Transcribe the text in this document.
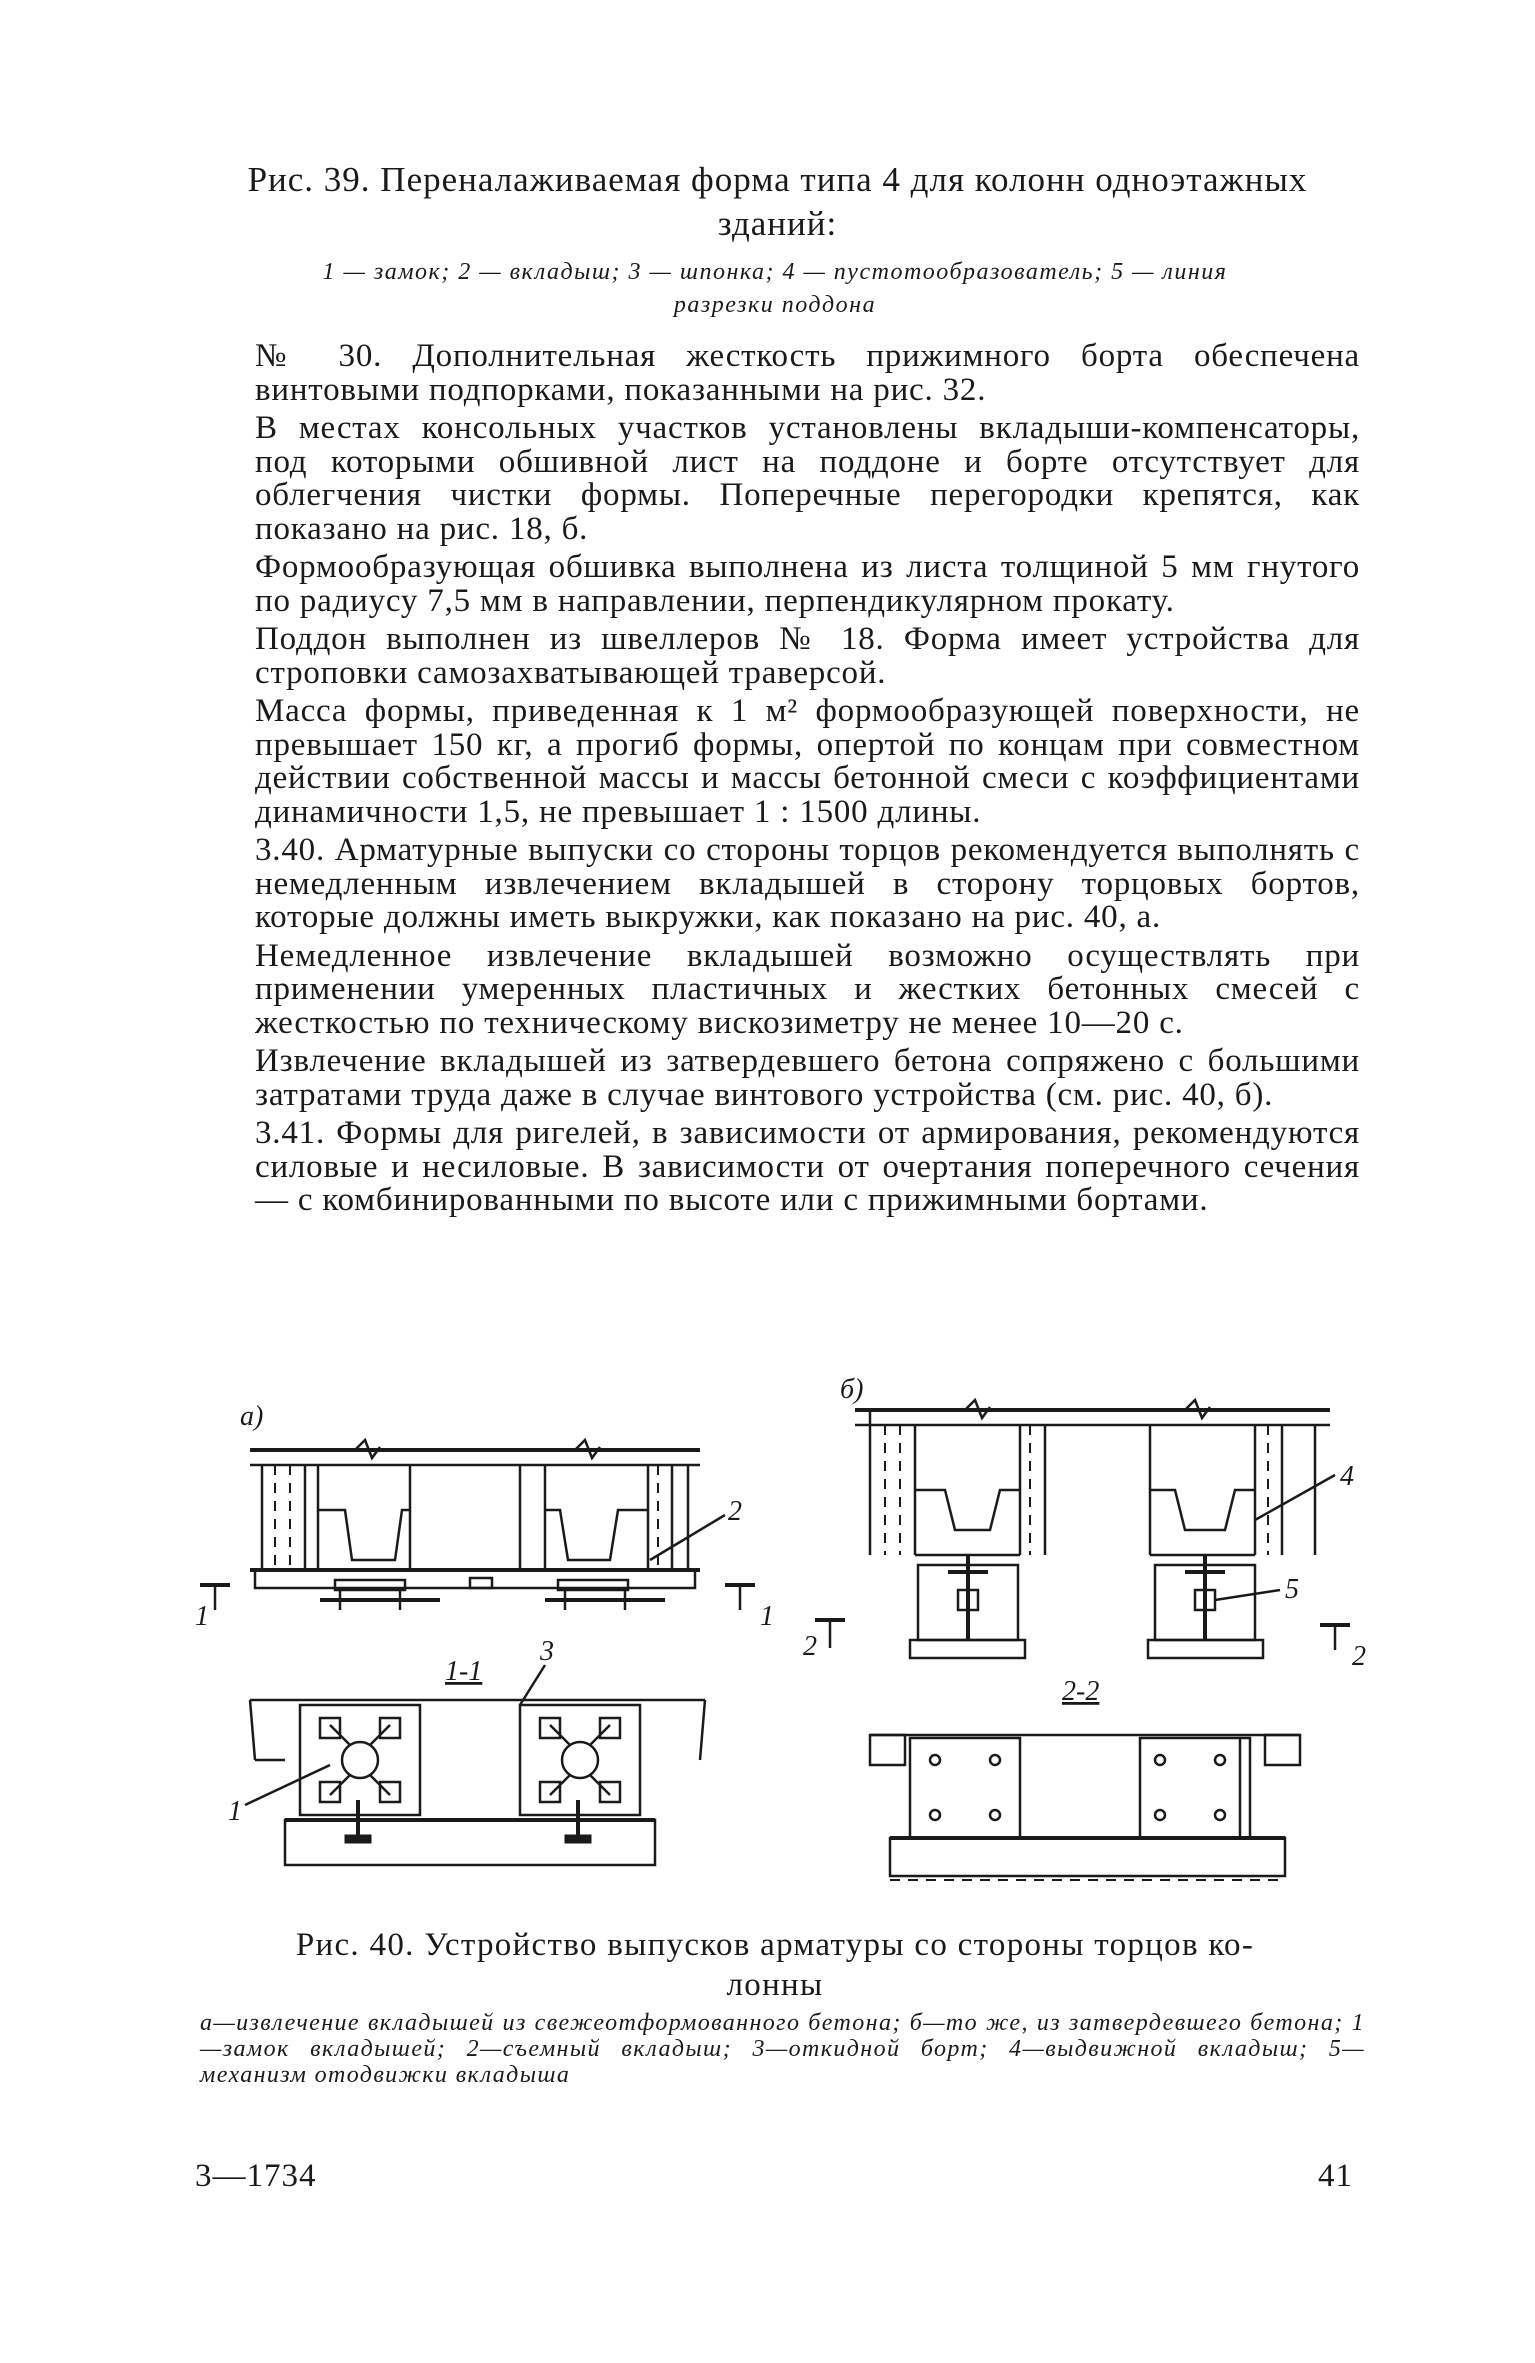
Рис. 39. Переналаживаемая форма типа 4 для колонн одноэтажных
зданий:
1 — замок; 2 — вкладыш; 3 — шпонка; 4 — пустотообразователь; 5 — линия
разрезки поддона

№ 30. Дополнительная жесткость прижимного борта обеспечена винтовыми подпорками, показанными на рис. 32.

В местах консольных участков установлены вкладыши-компенсаторы, под которыми обшивной лист на поддоне и борте отсутствует для облегчения чистки формы. Поперечные перегородки крепятся, как показано на рис. 18, б.

Формообразующая обшивка выполнена из листа толщиной 5 мм гнутого по радиусу 7,5 мм в направлении, перпендикулярном прокату.

Поддон выполнен из швеллеров № 18. Форма имеет устройства для строповки самозахватывающей траверсой.

Масса формы, приведенная к 1 м² формообразующей поверхности, не превышает 150 кг, а прогиб формы, опертой по концам при совместном действии собственной массы и массы бетонной смеси с коэффициентами динамичности 1,5, не превышает 1 : 1500 длины.

3.40. Арматурные выпуски со стороны торцов рекомендуется выполнять с немедленным извлечением вкладышей в сторону торцовых бортов, которые должны иметь выкружки, как показано на рис. 40, а.

Немедленное извлечение вкладышей возможно осуществлять при применении умеренных пластичных и жестких бетонных смесей с жесткостью по техническому вискозиметру не менее 10—20 с.

Извлечение вкладышей из затвердевшего бетона сопряжено с большими затратами труда даже в случае винтового устройства (см. рис. 40, б).

3.41. Формы для ригелей, в зависимости от армирования, рекомендуются силовые и несиловые. В зависимости от очертания поперечного сечения — с комбинированными по высоте или с прижимными бортами.

а)
б)
1-1
2-2
1	1
1
2
2	2
3
4
5
Рис. 40. Устройство выпусков арматуры со стороны торцов ко-
лонны
а—извлечение вкладышей из свежеотформованного бетона; б—то же, из затвердевшего бетона; 1—замок вкладышей; 2—съемный вкладыш; 3—откидной борт; 4—выдвижной вкладыш; 5—механизм отодвижки вкладыша
3—1734	41
